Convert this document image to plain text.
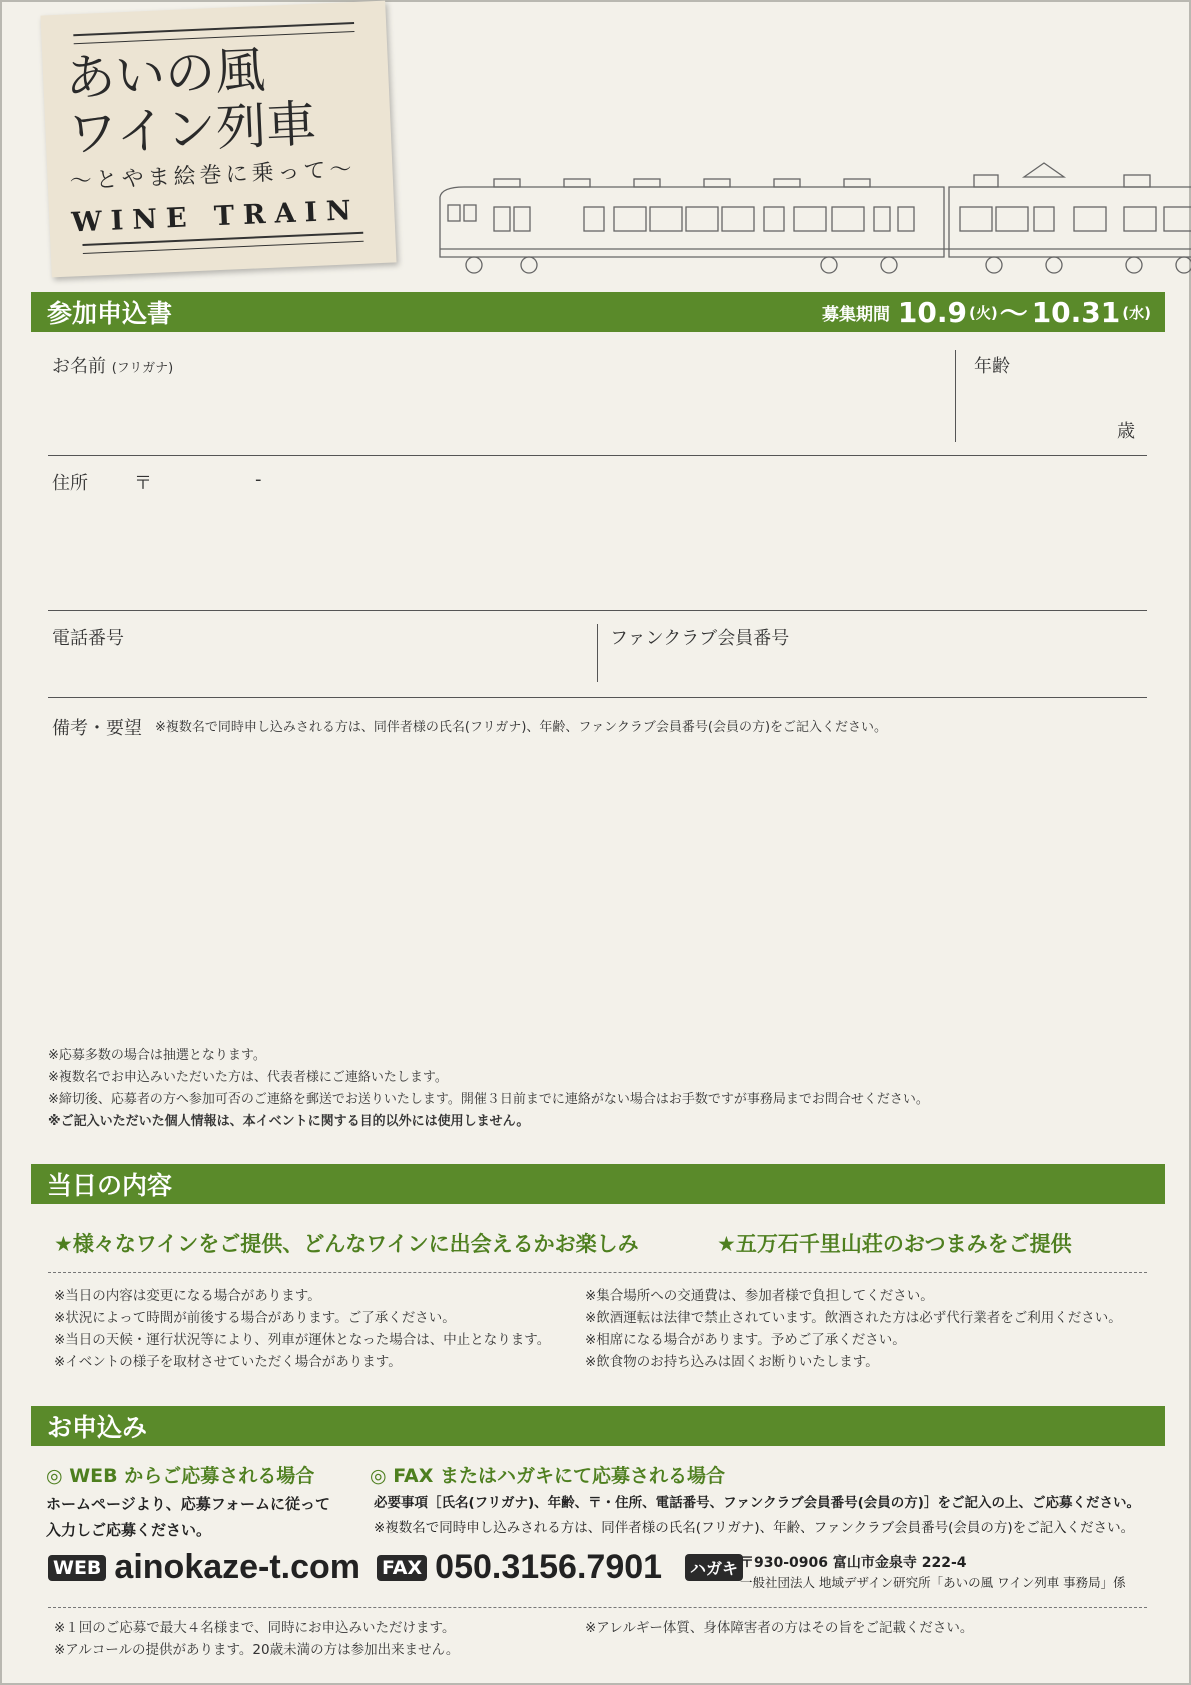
あいの風
ワイン列車
〜とやま絵巻に乗って〜
WINE TRAIN
参加申込書	募集期間
10.9 (火) 〜 10.31 (水)
お名前 (フリガナ)	年齢
歳
住所	〒	-
電話番号	ファンクラブ会員番号
備考・要望 ※複数名で同時申し込みされる方は、同伴者様の氏名(フリガナ)、年齢、ファンクラブ会員番号(会員の方)をご記入ください。
※応募多数の場合は抽選となります。
※複数名でお申込みいただいた方は、代表者様にご連絡いたします。
※締切後、応募者の方へ参加可否のご連絡を郵送でお送りいたします。開催３日前までに連絡がない場合はお手数ですが事務局までお問合せください。
※ご記入いただいた個人情報は、本イベントに関する目的以外には使用しません。
当日の内容
★様々なワインをご提供、どんなワインに出会えるかお楽しみ	★五万石千里山荘のおつまみをご提供
※当日の内容は変更になる場合があります。
※状況によって時間が前後する場合があります。ご了承ください。
※当日の天候・運行状況等により、列車が運休となった場合は、中止となります。
※イベントの様子を取材させていただく場合があります。
※集合場所への交通費は、参加者様で負担してください。
※飲酒運転は法律で禁止されています。飲酒された方は必ず代行業者をご利用ください。
※相席になる場合があります。予めご了承ください。
※飲食物のお持ち込みは固くお断りいたします。
お申込み
◎ WEB からご応募される場合	◎ FAX またはハガキにて応募される場合
ホームページより、応募フォームに従って
入力しご応募ください。
必要事項［氏名(フリガナ)、年齢、〒・住所、電話番号、ファンクラブ会員番号(会員の方)］をご記入の上、ご応募ください。
※複数名で同時申し込みされる方は、同伴者様の氏名(フリガナ)、年齢、ファンクラブ会員番号(会員の方)をご記入ください。
WEB ainokaze-t.com FAX 050.3156.7901	ハガキ 〒930-0906 富山市金泉寺 222-4
一般社団法人 地域デザイン研究所「あいの風 ワイン列車 事務局」係
※１回のご応募で最大４名様まで、同時にお申込みいただけます。
※アルコールの提供があります。20歳未満の方は参加出来ません。
※アレルギー体質、身体障害者の方はその旨をご記載ください。
